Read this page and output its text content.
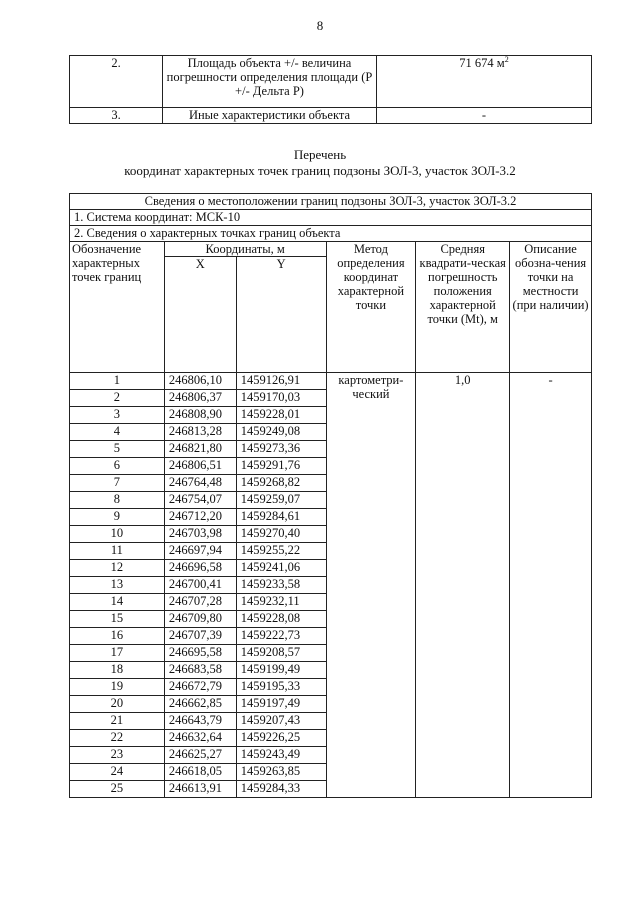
8
2.	Площадь объекта +/- величина погрешности определения площади (Р +/- Дельта Р)	71 674 $м^2$
3.	Иные характеристики объекта	-
Перечень
координат характерных точек границ подзоны ЗОЛ-3, участок ЗОЛ-3.2
Сведения о местоположении границ подзоны ЗОЛ-3, участок ЗОЛ-3.2					
1. Система координат: МСК-10					
2. Сведения о характерных точках границ объекта					
Обозначение характерных точек границ	Координаты, м		Метод определения координат характерной точки	Средняя квадрати-ческая погрешность положения характерной точки (Mt), м	Описание обозна-чения точки на местности (при наличии)
	X	Y			
1	246806,10	1459126,91	картометри-ческий	1,0	-
2	246806,37	1459170,03			
3	246808,90	1459228,01			
4	246813,28	1459249,08			
5	246821,80	1459273,36			
6	246806,51	1459291,76			
7	246764,48	1459268,82			
8	246754,07	1459259,07			
9	246712,20	1459284,61			
10	246703,98	1459270,40			
11	246697,94	1459255,22			
12	246696,58	1459241,06			
13	246700,41	1459233,58			
14	246707,28	1459232,11			
15	246709,80	1459228,08			
16	246707,39	1459222,73			
17	246695,58	1459208,57			
18	246683,58	1459199,49			
19	246672,79	1459195,33			
20	246662,85	1459197,49			
21	246643,79	1459207,43			
22	246632,64	1459226,25			
23	246625,27	1459243,49			
24	246618,05	1459263,85			
25	246613,91	1459284,33			
